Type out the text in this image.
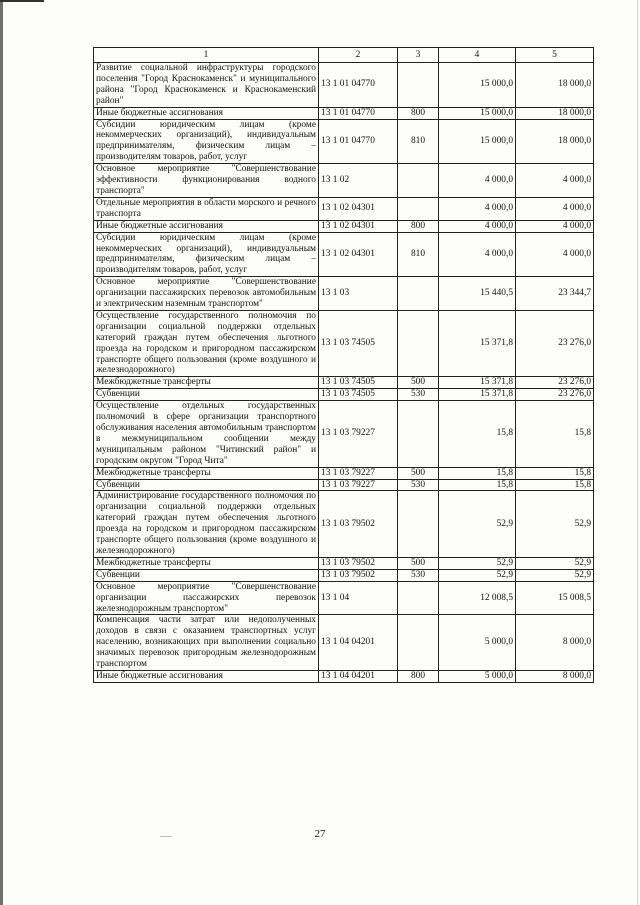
1	2	3	4	5
Развитие социальной инфраструктуры городского поселения "Город Краснокаменск" и муниципального района "Город Краснокаменск и Краснокаменский район"	13 1 01 04770		15 000,0	18 000,0
Иные бюджетные ассигнования	13 1 01 04770	800	15 000,0	18 000,0
Субсидии юридическим лицам (кроме некоммерческих организаций), индивидуальным предпринимателям, физическим лицам – производителям товаров, работ, услуг	13 1 01 04770	810	15 000,0	18 000,0
Основное мероприятие "Совершенствование эффективности функционирования водного транспорта"	13 1 02		4 000,0	4 000,0
Отдельные мероприятия в области морского и речного транспорта	13 1 02 04301		4 000,0	4 000,0
Иные бюджетные ассигнования	13 1 02 04301	800	4 000,0	4 000,0
Субсидии юридическим лицам (кроме некоммерческих организаций), индивидуальным предпринимателям, физическим лицам – производителям товаров, работ, услуг	13 1 02 04301	810	4 000,0	4 000,0
Основное мероприятие "Совершенствование организации пассажирских перевозок автомобильным и электрическим наземным транспортом"	13 1 03		15 440,5	23 344,7
Осуществление государственного полномочия по организации социальной поддержки отдельных категорий граждан путем обеспечения льготного проезда на городском и пригородном пассажирском транспорте общего пользования (кроме воздушного и железнодорожного)	13 1 03 74505		15 371,8	23 276,0
Межбюджетные трансферты	13 1 03 74505	500	15 371,8	23 276,0
Субвенции	13 1 03 74505	530	15 371,8	23 276,0
Осуществление отдельных государственных полномочий в сфере организации транспортного обслуживания населения автомобильным транспортом в межмуниципальном сообщении между муниципальным районом "Читинский район" и городским округом "Город Чита"	13 1 03 79227		15,8	15,8
Межбюджетные трансферты	13 1 03 79227	500	15,8	15,8
Субвенции	13 1 03 79227	530	15,8	15,8
Администрирование государственного полномочия по организации социальной поддержки отдельных категорий граждан путем обеспечения льготного проезда на городском и пригородном пассажирском транспорте общего пользования (кроме воздушного и железнодорожного)	13 1 03 79502		52,9	52,9
Межбюджетные трансферты	13 1 03 79502	500	52,9	52,9
Субвенции	13 1 03 79502	530	52,9	52,9
Основное мероприятие "Совершенствование организации пассажирских перевозок железнодорожным транспортом"	13 1 04		12 008,5	15 008,5
Компенсация части затрат или недополученных доходов в связи с оказанием транспортных услуг населению, возникающих при выполнении социально значимых перевозок пригородным железнодорожным транспортом	13 1 04 04201		5 000,0	8 000,0
Иные бюджетные ассигнования	13 1 04 04201	800	5 000,0	8 000,0
27
